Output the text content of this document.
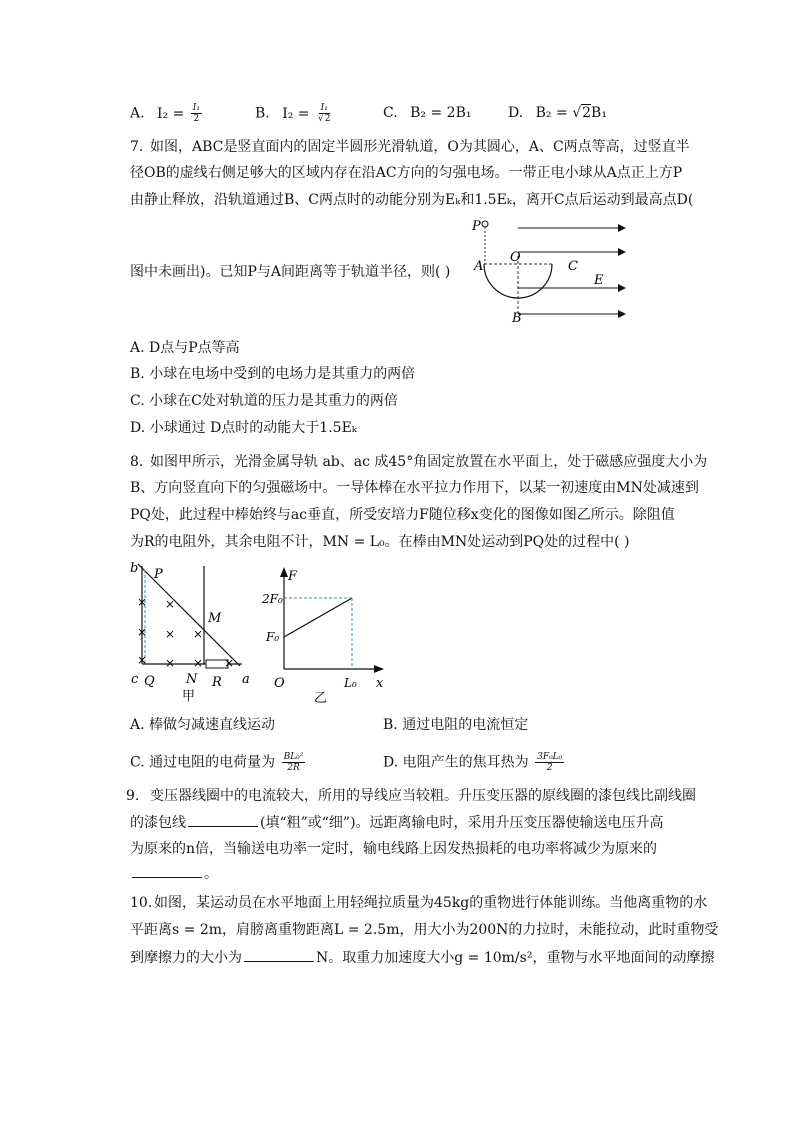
A. $I_2 = \frac{\text{I₁}}{2}$	B. $I_2 = \frac{\text{I₁}}{√2}$	C. B₂ = 2B₁	D. B₂ = √2B₁
7. 如图，ABC是竖直面内的固定半圆形光滑轨道，O为其圆心，A、C两点等高，过竖直半
径OB的虚线右侧足够大的区域内存在沿AC方向的匀强电场。一带正电小球从A点正上方P
由静止释放，沿轨道通过B、C两点时的动能分别为Eₖ和1.5Eₖ，离开C点后运动到最高点D(
图中未画出)。已知P与A间距离等于轨道半径，则( )
P
O
A	C
E
B
A. D点与P点等高
B. 小球在电场中受到的电场力是其重力的两倍
C. 小球在C处对轨道的压力是其重力的两倍
D. 小球通过 D点时的动能大于1.5Eₖ
8. 如图甲所示，光滑金属导轨 ab、ac 成45°角固定放置在水平面上，处于磁感应强度大小为
B、方向竖直向下的匀强磁场中。一导体棒在水平拉力作用下，以某一初速度由MN处减速到
PQ处，此过程中棒始终与ac垂直，所受安培力F随位移x变化的图像如图乙所示。除阻值
为R的电阻外，其余电阻不计，MN = L₀。在棒由MN处运动到PQ处的过程中( )
×
×
×
×
×
×
×
× ×
b P
M
c Q N R a
甲
F
2F₀
F₀
O	L₀ x
乙
A. 棒做匀减速直线运动	B. 通过电阻的电流恒定
C. 通过电阻的电荷量为 $\frac{\text{BL₀²}}{2R}$	D. 电阻产生的焦耳热为 $\frac{\text{3F₀L₀}}{2}$
9. 变压器线圈中的电流较大，所用的导线应当较粗。升压变压器的原线圈的漆包线比副线圈
的漆包线	(填“粗”或“细”)。远距离输电时，采用升压变压器使输送电压升高
为原来的n倍，当输送电功率一定时，输电线路上因发热损耗的电功率将减少为原来的
。
10. 如图，某运动员在水平地面上用轻绳拉质量为45kg的重物进行体能训练。当他离重物的水
平距离s = 2m，肩膀离重物距离L = 2.5m，用大小为200N的力拉时，未能拉动，此时重物受
到摩擦力的大小为	N。取重力加速度大小g = 10m/s²，重物与水平地面间的动摩擦
